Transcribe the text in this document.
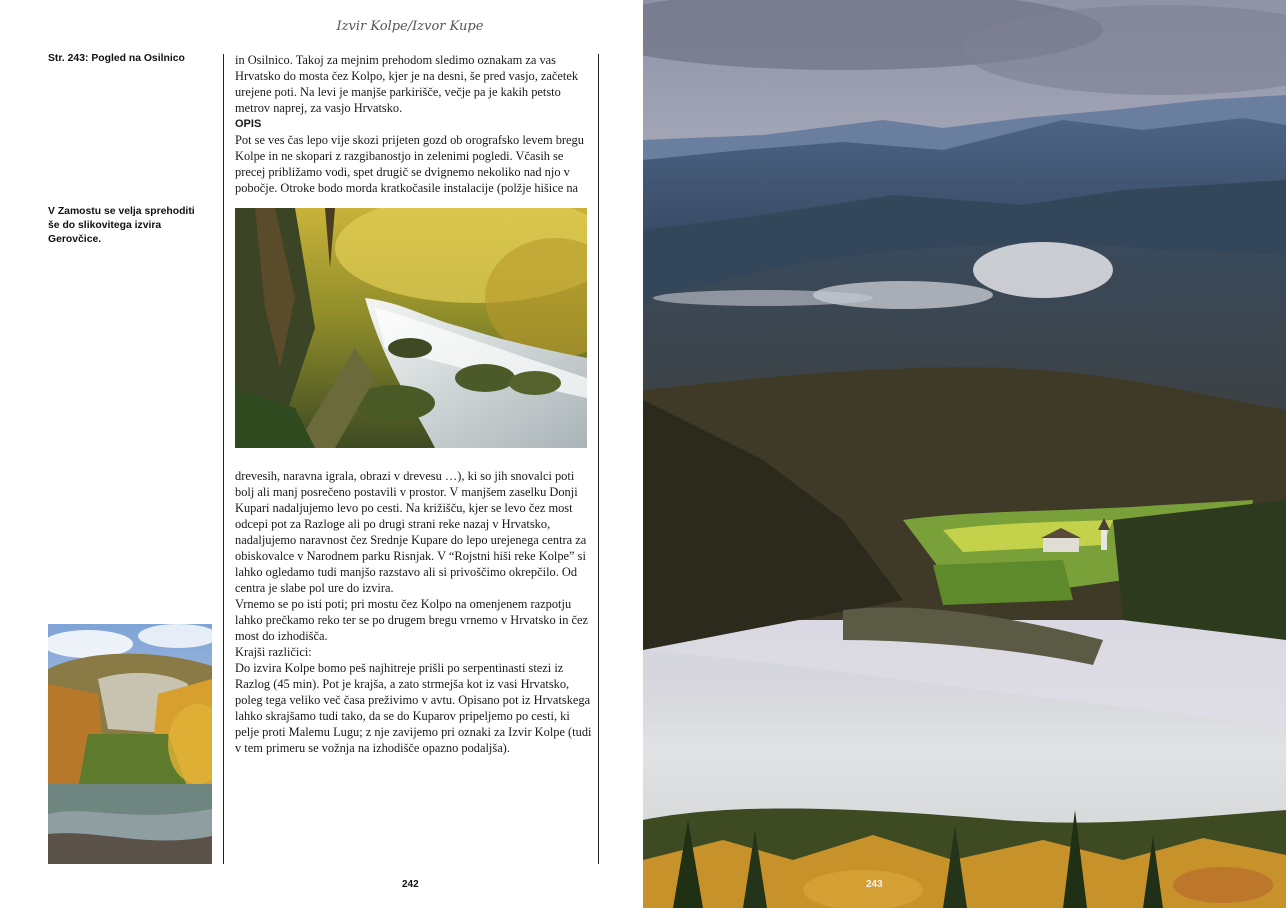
Str. 243: Pogled na Osilnico
V Zamostu se velja sprehoditi še do slikovitega izvira Gerovčice.

in Osilnico. Takoj za mejnim prehodom sledimo oznakam za vas Hrvatsko do mosta čez Kolpo, kjer je na desni, še pred vasjo, začetek urejene poti. Na levi je manjše parkirišče, večje pa je kakih petsto metrov naprej, za vasjo Hrvatsko.

OPIS

Pot se ves čas lepo vije skozi prijeten gozd ob orografsko levem bregu Kolpe in ne skopari z razgibanostjo in zelenimi pogledi. Včasih se precej približamo vodi, spet drugič se dvignemo nekoliko nad njo v pobočje. Otroke bodo morda kratkočasile instalacije (polžje hišice na

drevesih, naravna igrala, obrazi v drevesu …), ki so jih snovalci poti bolj ali manj posrečeno postavili v prostor. V manjšem zaselku Donji Kupari nadaljujemo levo po cesti. Na križišču, kjer se levo čez most odcepi pot za Razloge ali po drugi strani reke nazaj v Hrvatsko, nadaljujemo naravnost čez Srednje Kupare do lepo urejenega centra za obiskovalce v Narodnem parku Risnjak. V “Rojstni hiši reke Kolpe” si lahko ogledamo tudi manjšo razstavo ali si privoščimo okrepčilo. Od centra je slabe pol ure do izvira.

Vrnemo se po isti poti; pri mostu čez Kolpo na omenjenem razpotju lahko prečkamo reko ter se po drugem bregu vrnemo v Hrvatsko in čez most do izhodišča.

Krajši različici:

Do izvira Kolpe bomo peš najhitreje prišli po serpentinasti stezi iz Razlog (45 min). Pot je krajša, a zato strmejša kot iz vasi Hrvatsko, poleg tega veliko več časa preživimo v avtu. Opisano pot iz Hrvatskega lahko skrajšamo tudi tako, da se do Kuparov pripeljemo po cesti, ki pelje proti Malemu Lugu; z nje zavijemo pri oznaki za Izvir Kolpe (tudi v tem primeru se vožnja na izhodišče opazno podaljša).

242	243
Izvir Kolpe/Izvor Kupe
